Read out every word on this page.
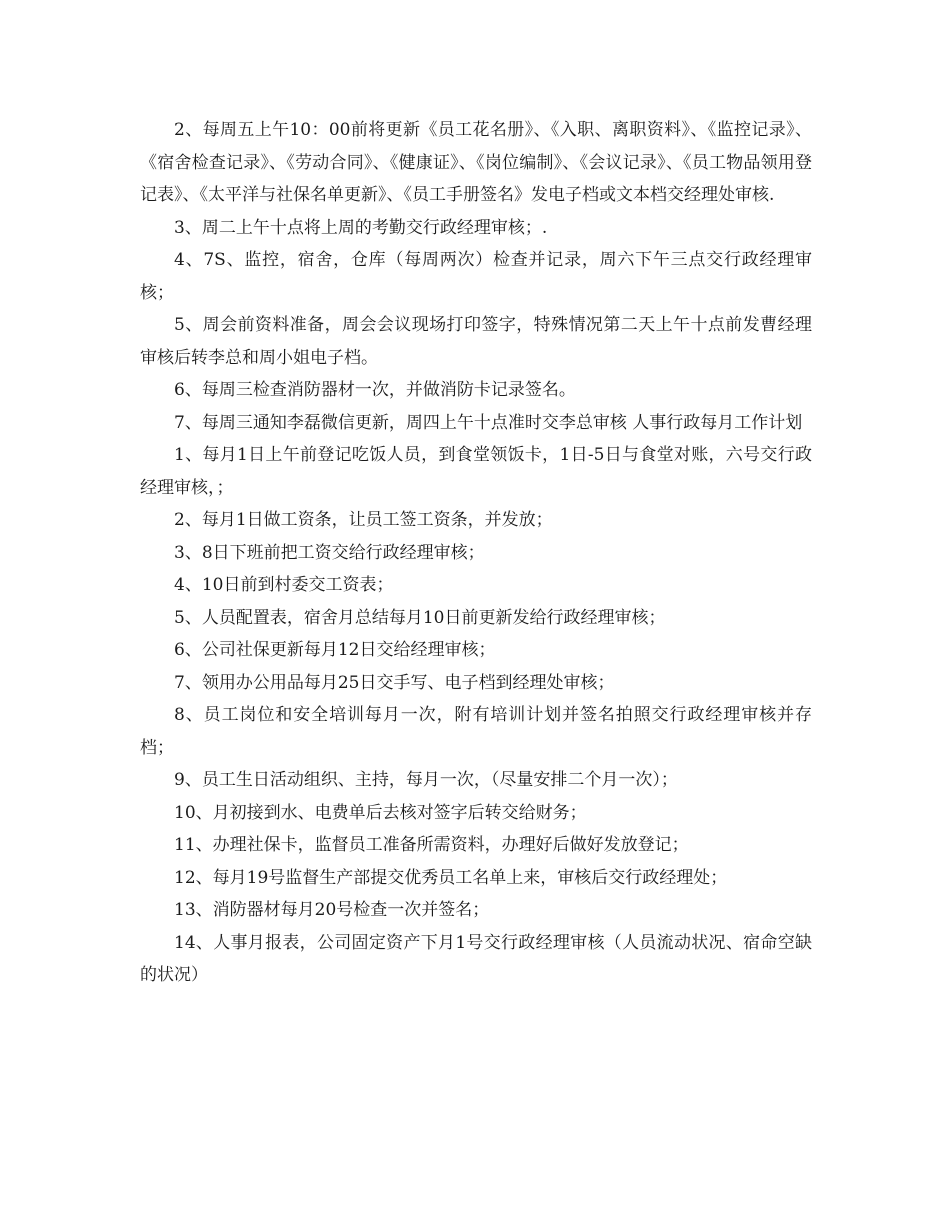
2、每周五上午10：00前将更新《员工花名册》、《入职、离职资料》、《监控记录》、《宿舍检查记录》、《劳动合同》、《健康证》、《岗位编制》、《会议记录》、《员工物品领用登记表》、《太平洋与社保名单更新》、《员工手册签名》发电子档或文本档交经理处审核.

3、周二上午十点将上周的考勤交行政经理审核；.

4、7S、监控，宿舍，仓库（每周两次）检查并记录，周六下午三点交行政经理审核；

5、周会前资料准备，周会会议现场打印签字，特殊情况第二天上午十点前发曹经理审核后转李总和周小姐电子档。

6、每周三检查消防器材一次，并做消防卡记录签名。

7、每周三通知李磊微信更新，周四上午十点准时交李总审核 人事行政每月工作计划

1、每月1日上午前登记吃饭人员，到食堂领饭卡，1日-5日与食堂对账，六号交行政经理审核，；

2、每月1日做工资条，让员工签工资条，并发放；

3、8日下班前把工资交给行政经理审核；

4、10日前到村委交工资表；

5、人员配置表，宿舍月总结每月10日前更新发给行政经理审核；

6、公司社保更新每月12日交给经理审核；

7、领用办公用品每月25日交手写、电子档到经理处审核；

8、员工岗位和安全培训每月一次，附有培训计划并签名拍照交行政经理审核并存档；

9、员工生日活动组织、主持，每月一次，（尽量安排二个月一次）；

10、月初接到水、电费单后去核对签字后转交给财务；

11、办理社保卡，监督员工准备所需资料，办理好后做好发放登记；

12、每月19号监督生产部提交优秀员工名单上来，审核后交行政经理处；

13、消防器材每月20号检查一次并签名；

14、人事月报表，公司固定资产下月1号交行政经理审核（人员流动状况、宿命空缺的状况）
